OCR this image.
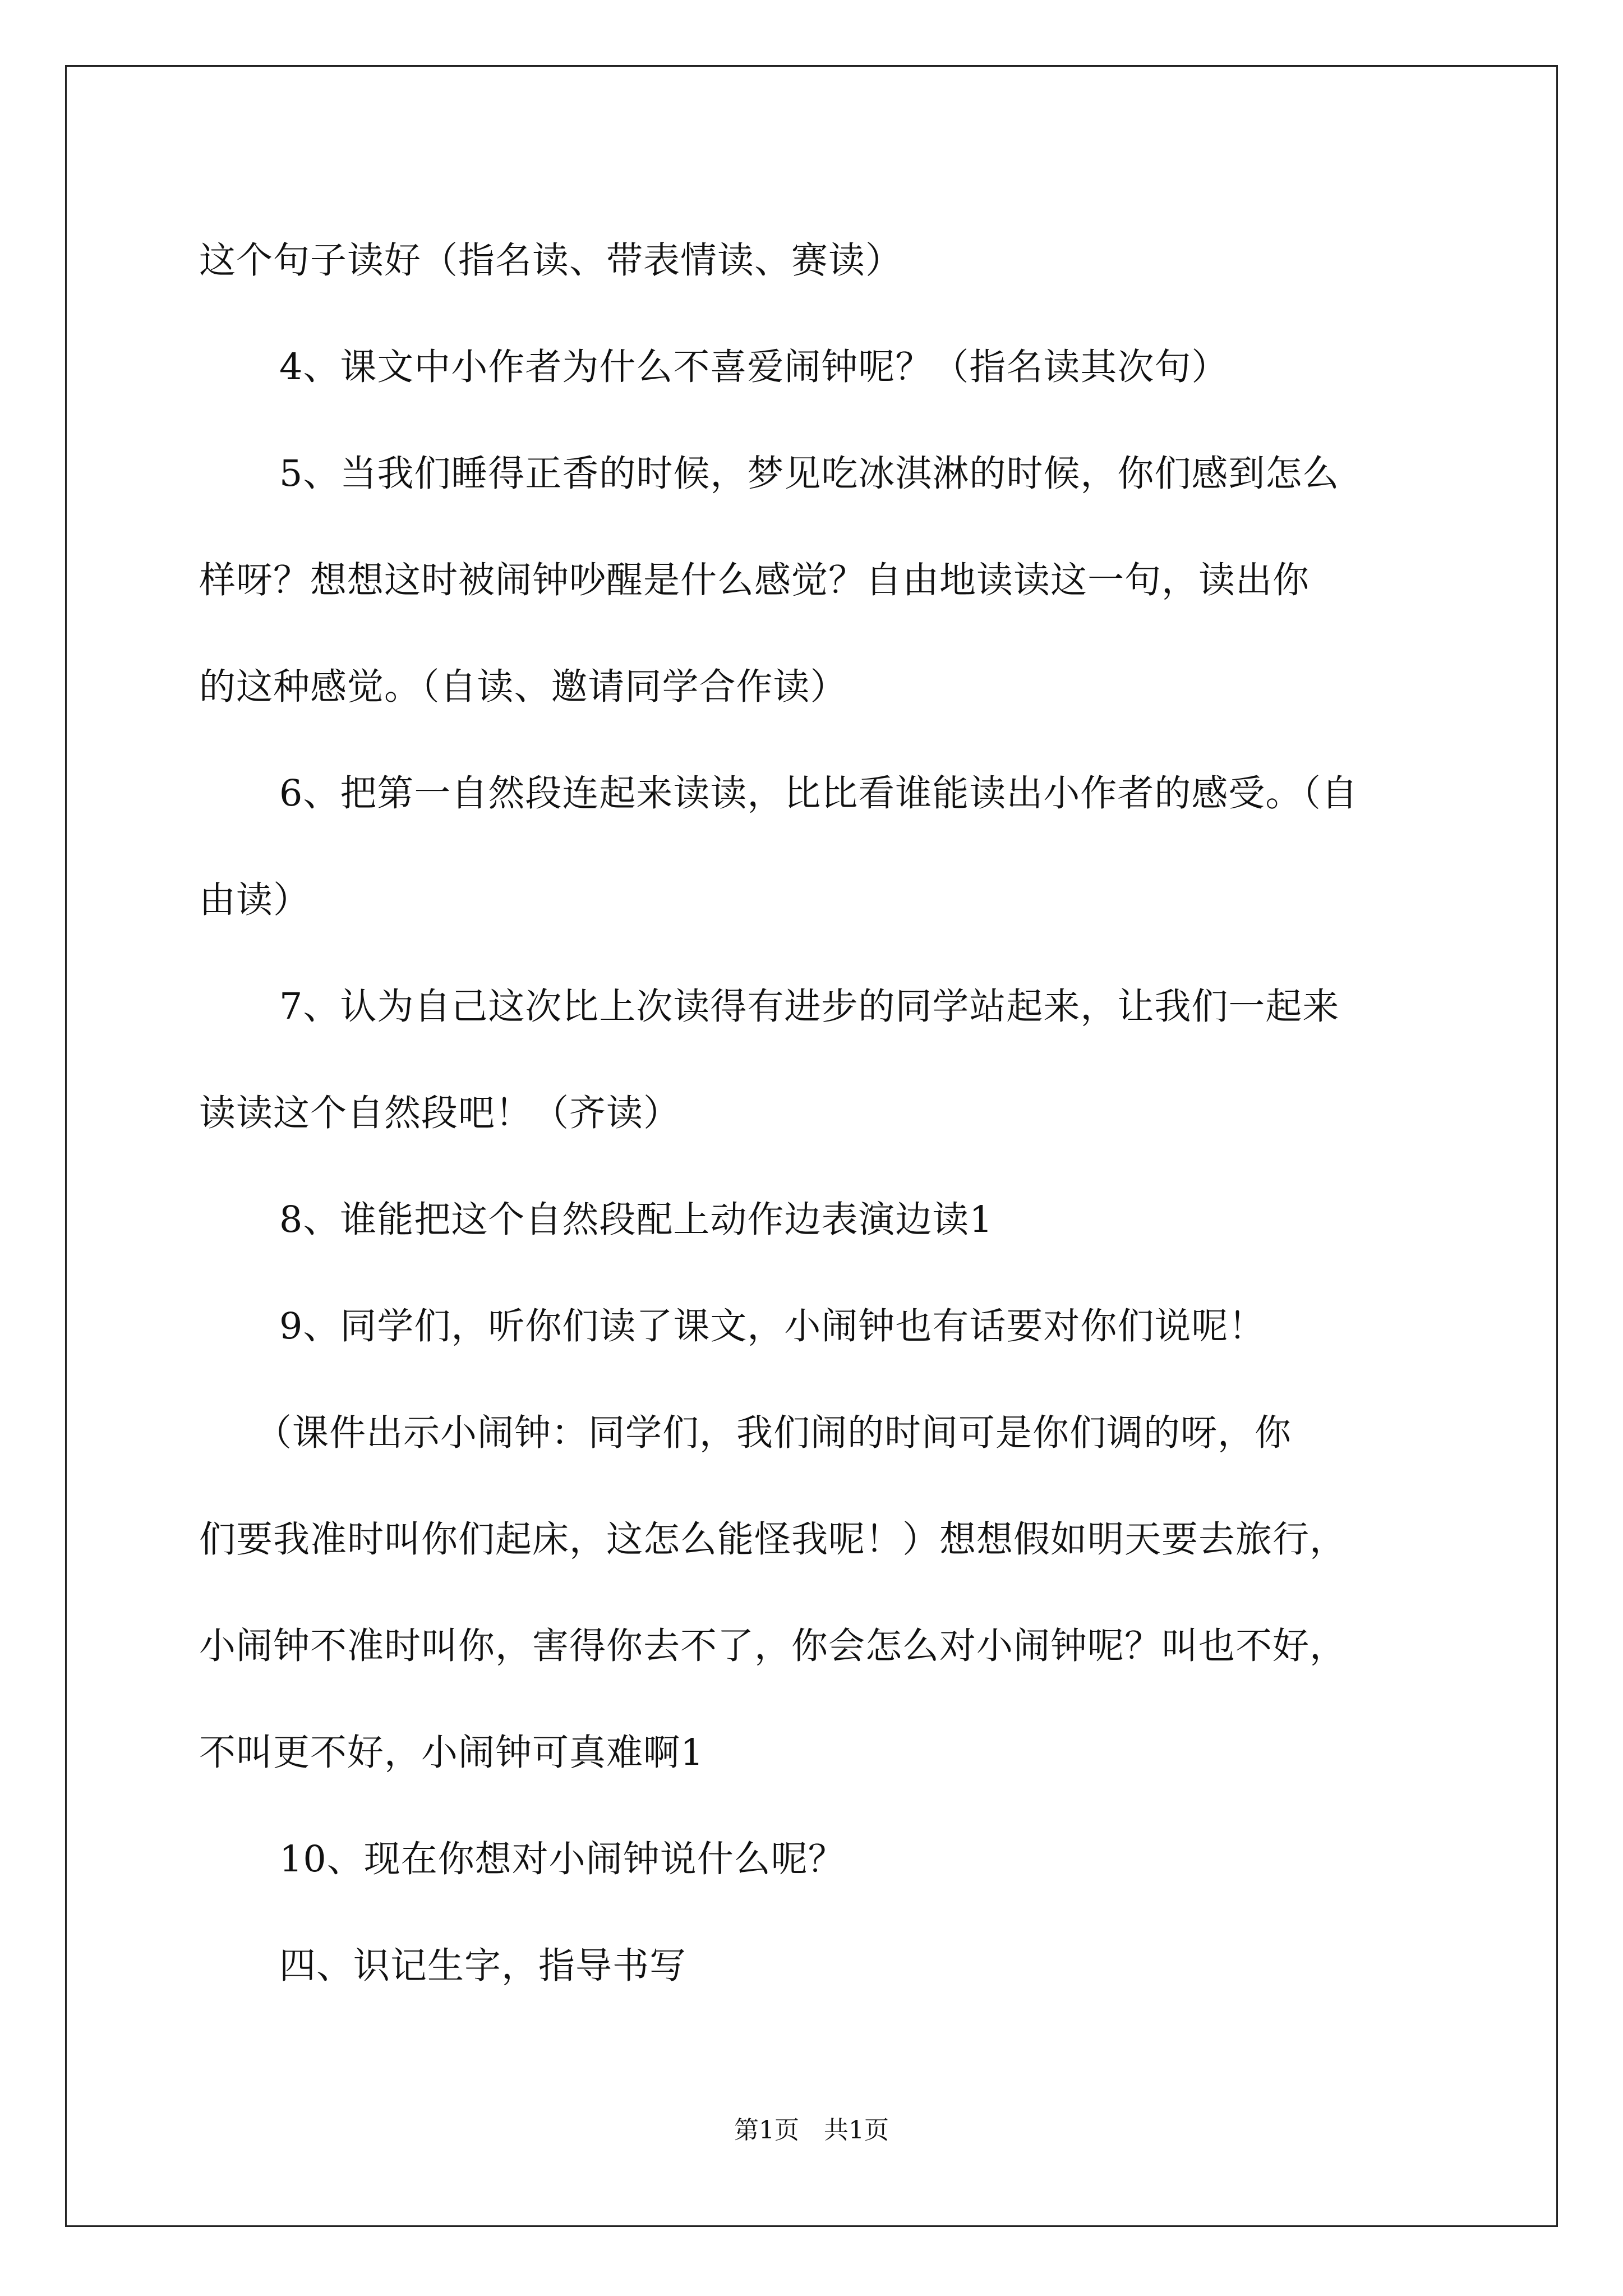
这个句子读好（指名读、带表情读、赛读）
4、课文中小作者为什么不喜爱闹钟呢？（指名读其次句）
5、当我们睡得正香的时候，梦见吃冰淇淋的时候，你们感到怎么
样呀？想想这时被闹钟吵醒是什么感觉？自由地读读这一句，读出你
的这种感觉。（自读、邀请同学合作读）
6、把第一自然段连起来读读，比比看谁能读出小作者的感受。（自
由读）
7、认为自己这次比上次读得有进步的同学站起来，让我们一起来
读读这个自然段吧！（齐读）
8、谁能把这个自然段配上动作边表演边读1
9、同学们，听你们读了课文，小闹钟也有话要对你们说呢！
（课件出示小闹钟：同学们，我们闹的时间可是你们调的呀，你
们要我准时叫你们起床，这怎么能怪我呢！）想想假如明天要去旅行，
小闹钟不准时叫你，害得你去不了，你会怎么对小闹钟呢？叫也不好，
不叫更不好，小闹钟可真难啊1
10、现在你想对小闹钟说什么呢？
四、识记生字，指导书写
第1页　共1页
